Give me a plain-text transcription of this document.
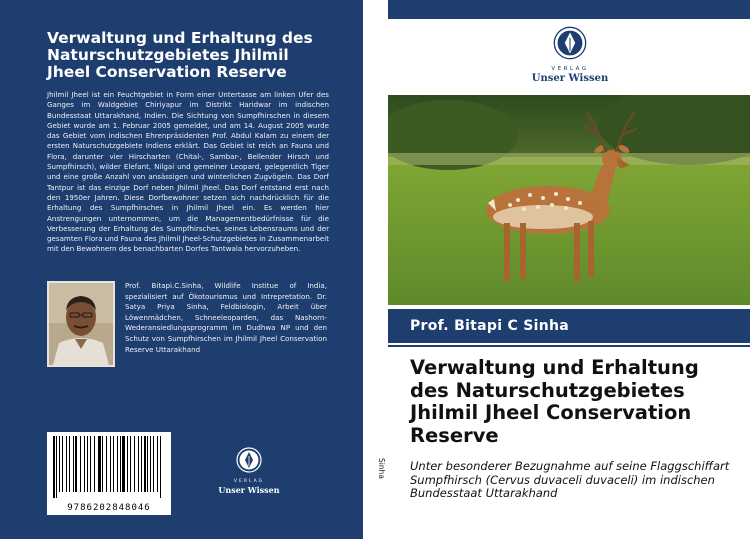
Verwaltung und Erhaltung des Naturschutzgebietes Jhilmil Jheel Conservation Reserve
Jhilmil Jheel ist ein Feuchtgebiet in Form einer Untertasse am linken Ufer des Ganges im Waldgebiet Chiriyapur im Distrikt Haridwar im indischen Bundesstaat Uttarakhand, Indien. Die Sichtung von Sumpfhirschen in diesem Gebiet wurde am 1. Februar 2005 gemeldet, und am 14. August 2005 wurde das Gebiet vom indischen Ehrenpräsidenten Prof. Abdul Kalam zu einem der ersten Naturschutzgebiete Indiens erklärt. Das Gebiet ist reich an Fauna und Flora, darunter vier Hirscharten (Chital-, Sambar-, Bellender Hirsch und Sumpfhirsch), wilder Elefant, Nilgai und gemeiner Leopard, gelegentlich Tiger und eine große Anzahl von ansässigen und winterlichen Zugvögeln. Das Dorf Tantpur ist das einzige Dorf neben Jhilmil Jheel. Das Dorf entstand erst nach den 1950er Jahren. Diese Dorfbewohner setzen sich nachdrücklich für die Erhaltung des Sumpfhirsches in Jhilmil Jheel ein. Es werden hier Anstrengungen unternommen, um die Managementbedürfnisse für die Verbesserung der Erhaltung des Sumpfhirsches, seines Lebensraums und der gesamten Flora und Fauna des Jhilmil Jheel-Schutzgebietes in Zusammenarbeit mit den Bewohnern des benachbarten Dorfes Tantwala hervorzuheben.
Prof. Bitapi.C.Sinha, Wildlife Institue of India, spezialisiert auf Ökotourismus und Intrepretation. Dr. Satya Priya Sinha, Feldbiologin, Arbeit über Löwenmädchen, Schneeleoparden, das Nashorn-Wederansiedlungsprogramm im Dudhwa NP und den Schutz von Sumpfhirschen im Jhilmil Jheel Conservation Reserve Uttarakhand
9786202848046
VERLAG
Unser Wissen
Sinha
VERLAG
Unser Wissen
Prof. Bitapi C Sinha
Verwaltung und Erhaltung des Naturschutzgebietes Jhilmil Jheel Conservation Reserve
Unter besonderer Bezugnahme auf seine Flaggschiffart Sumpfhirsch (Cervus duvaceli duvaceli) im indischen Bundesstaat Uttarakhand
